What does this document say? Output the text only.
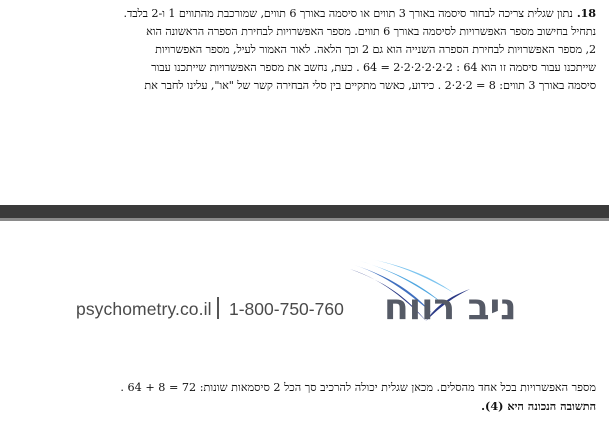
18.נתון שגלית צריכה לבחור סיסמה באורך 3 תווים או סיסמה באורך 6 תווים, שמורכבת מהתווים 1 ו-2 בלבד.
נתחיל בחישוב מספר האפשרויות לסיסמה באורך 6 תווים. מספר האפשרויות לבחירת הספרה הראשונה הוא
2, מספר האפשרויות לבחירת הספרה השנייה הוא גם 2 וכך הלאה. לאור האמור לעיל, מספר האפשרויות
שייתכנו עבור סיסמה זו הוא 64 : 2·2·2·2·2·2 = 64 . כעת, נחשב את מספר האפשרויות שייתכנו עבור
סיסמה באורך 3 תווים: 8 = 2·2·2 . כידוע, כאשר מתקיים בין סלי הבחירה קשר של "או", עלינו לחבר את
psychometry.co.il 1-800-750-760 ניב רווח
מספר האפשרויות בכל אחד מהסלים. מכאן שגלית יכולה להרכיב סך הכל 2 סיסמאות שונות: 72 = 8 + 64 .
התשובה הנכונה היא (4).
